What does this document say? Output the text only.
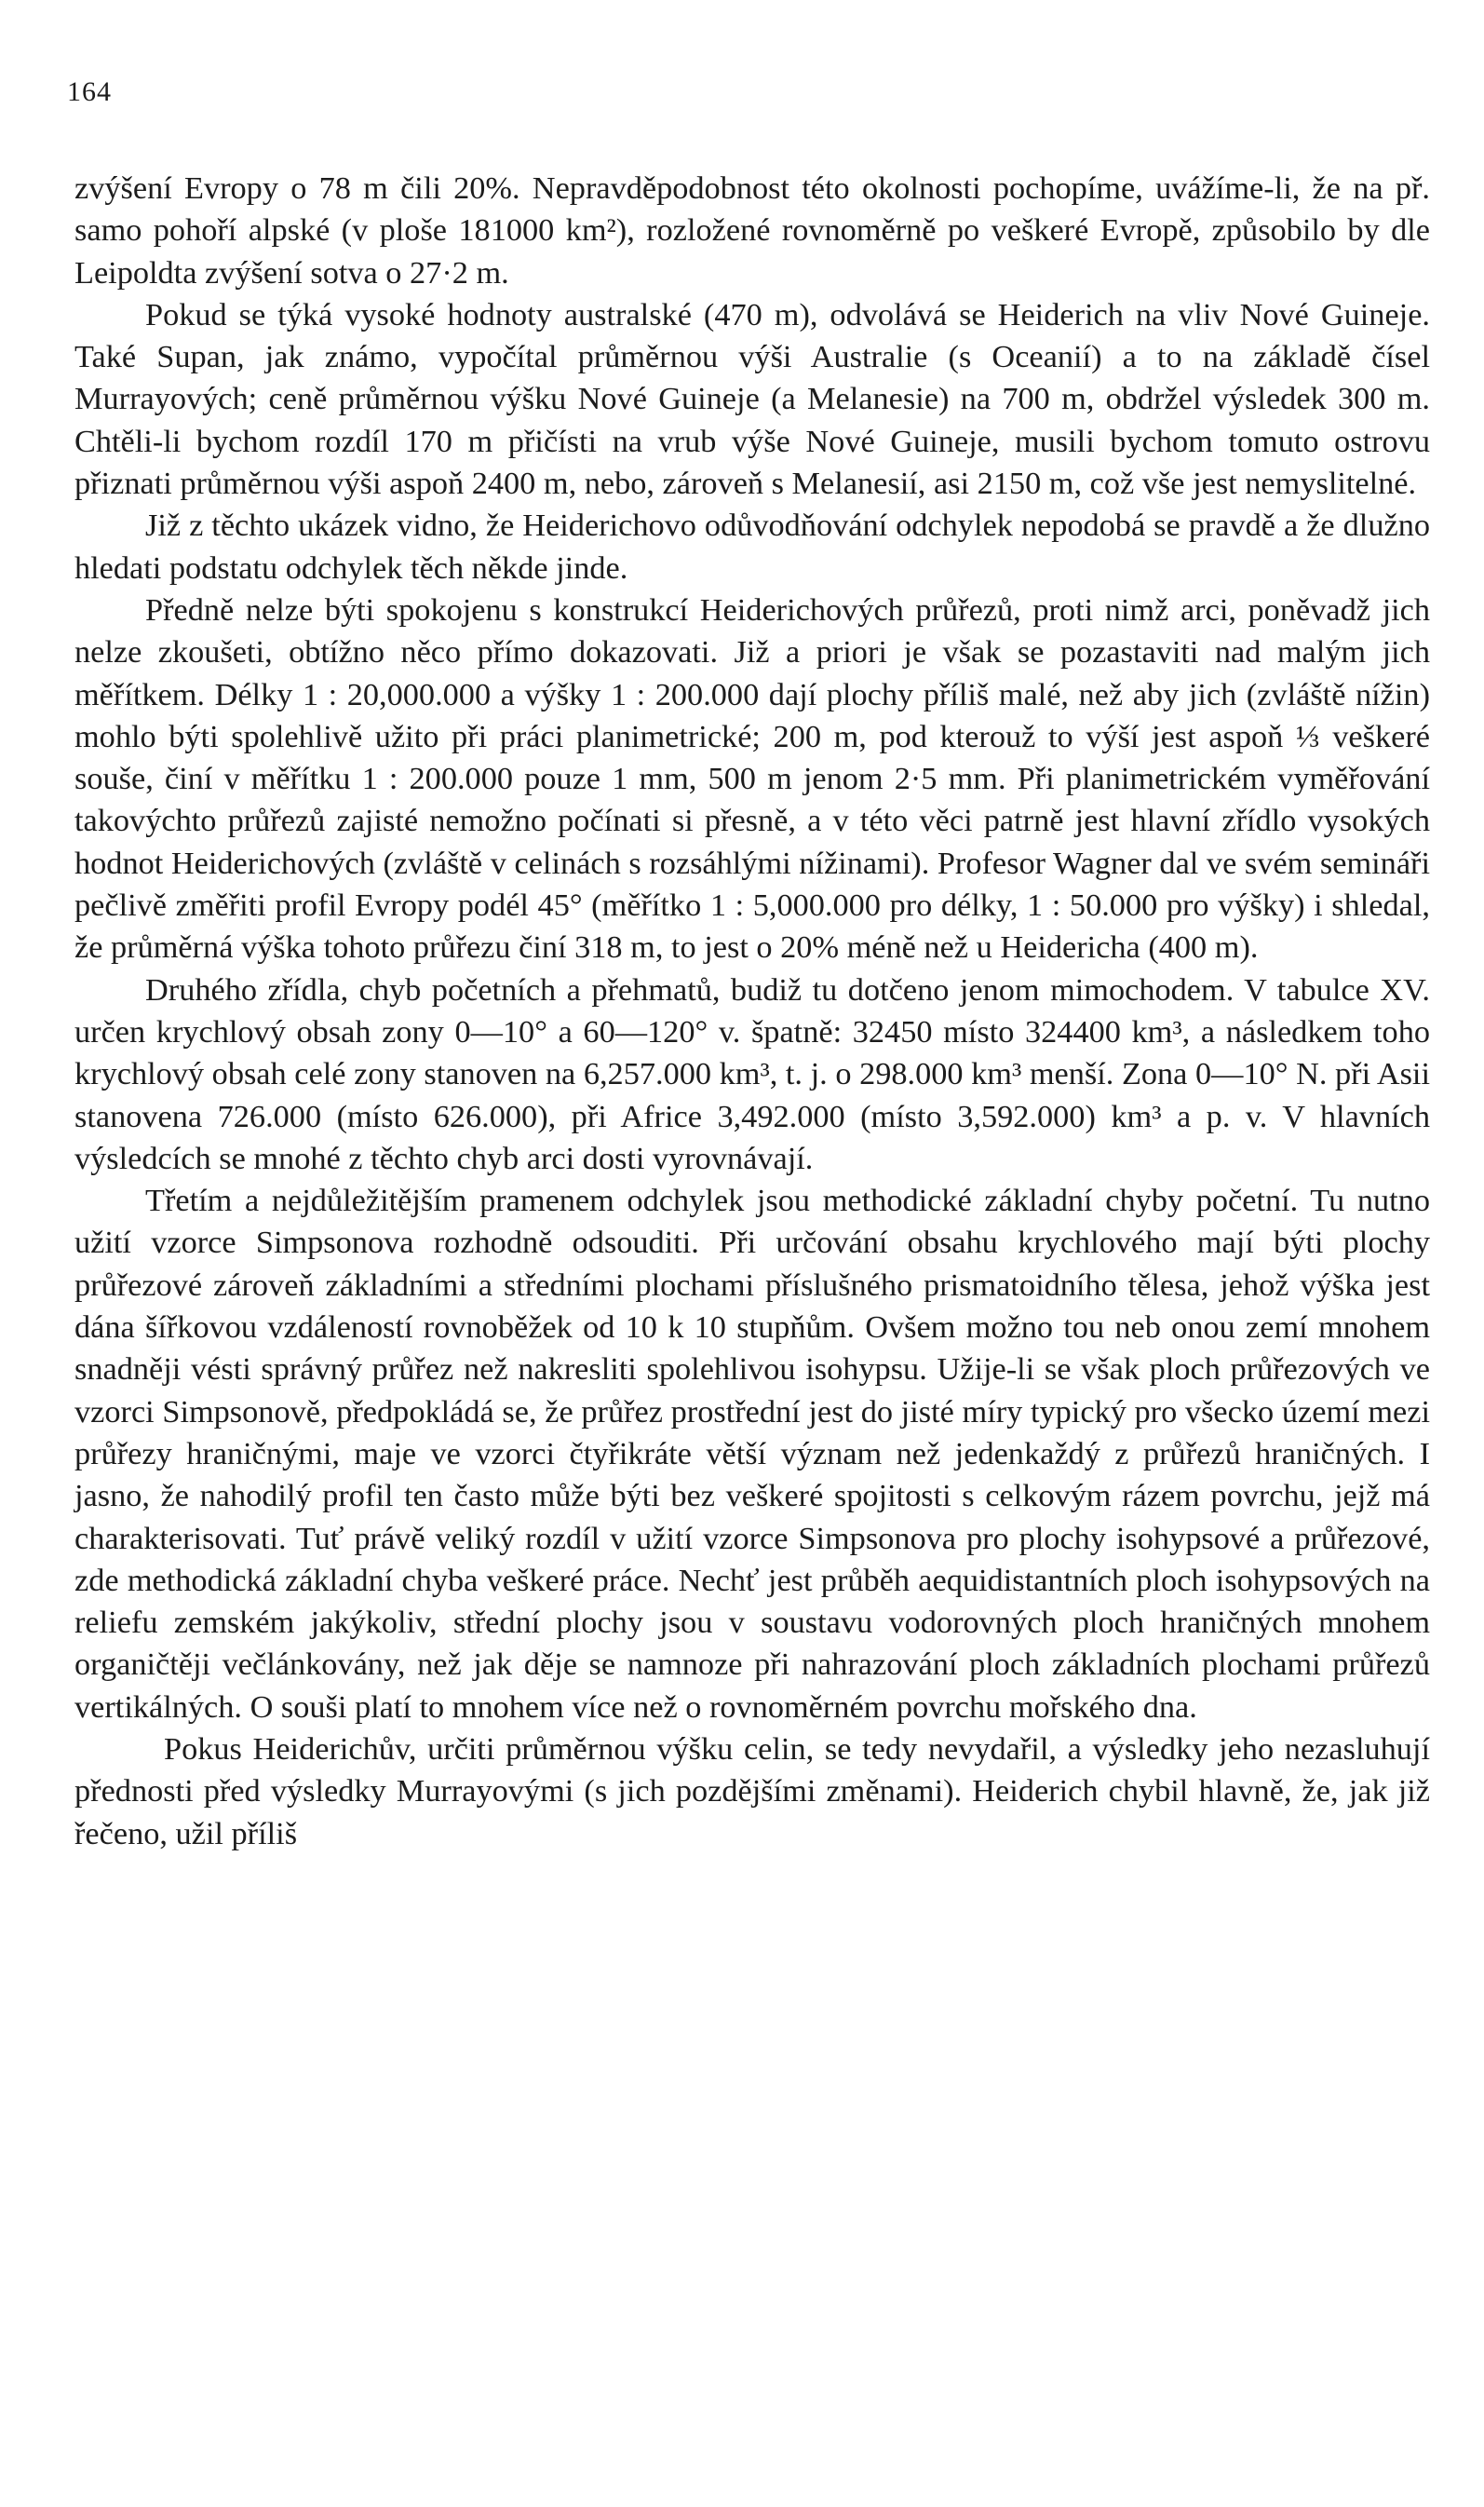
164

zvýšení Evropy o 78 m čili 20%. Nepravděpodobnost této okolnosti pochopíme, uvážíme-li, že na př. samo pohoří alpské (v ploše 181000 km²), rozložené rovnoměrně po veškeré Evropě, způsobilo by dle Leipoldta zvýšení sotva o 27·2 m.

Pokud se týká vysoké hodnoty australské (470 m), odvolává se Heiderich na vliv Nové Guineje. Také Supan, jak známo, vypočítal průměrnou výši Australie (s Oceanií) a to na základě čísel Murrayových; ceně průměrnou výšku Nové Guineje (a Melanesie) na 700 m, obdržel výsledek 300 m. Chtěli-li bychom rozdíl 170 m přičísti na vrub výše Nové Guineje, musili bychom tomuto ostrovu přiznati průměrnou výši aspoň 2400 m, nebo, zároveň s Melanesií, asi 2150 m, což vše jest nemyslitelné.

Již z těchto ukázek vidno, že Heiderichovo odůvodňování odchylek nepodobá se pravdě a že dlužno hledati podstatu odchylek těch někde jinde.

Předně nelze býti spokojenu s konstrukcí Heiderichových průřezů, proti nimž arci, poněvadž jich nelze zkoušeti, obtížno něco přímo dokazovati. Již a priori je však se pozastaviti nad malým jich měřítkem. Délky 1 : 20,000.000 a výšky 1 : 200.000 dají plochy příliš malé, než aby jich (zvláště nížin) mohlo býti spolehlivě užito při práci planimetrické; 200 m, pod kterouž to výší jest aspoň ⅓ veškeré souše, činí v měřítku 1 : 200.000 pouze 1 mm, 500 m jenom 2·5 mm. Při planimetrickém vyměřování takovýchto průřezů zajisté nemožno počínati si přesně, a v této věci patrně jest hlavní zřídlo vysokých hodnot Heiderichových (zvláště v celinách s rozsáhlými nížinami). Profesor Wagner dal ve svém semináři pečlivě změřiti profil Evropy podél 45° (měřítko 1 : 5,000.000 pro délky, 1 : 50.000 pro výšky) i shledal, že průměrná výška tohoto průřezu činí 318 m, to jest o 20% méně než u Heidericha (400 m).

Druhého zřídla, chyb početních a přehmatů, budiž tu dotčeno jenom mimochodem. V tabulce XV. určen krychlový obsah zony 0—10° a 60—120° v. špatně: 32450 místo 324400 km³, a následkem toho krychlový obsah celé zony stanoven na 6,257.000 km³, t. j. o 298.000 km³ menší. Zona 0—10° N. při Asii stanovena 726.000 (místo 626.000), při Africe 3,492.000 (místo 3,592.000) km³ a p. v. V hlavních výsledcích se mnohé z těchto chyb arci dosti vyrovnávají.

Třetím a nejdůležitějším pramenem odchylek jsou methodické základní chyby početní. Tu nutno užití vzorce Simpsonova rozhodně odsouditi. Při určování obsahu krychlového mají býti plochy průřezové zároveň základními a středními plochami příslušného prismatoidního tělesa, jehož výška jest dána šířkovou vzdáleností rovnoběžek od 10 k 10 stupňům. Ovšem možno tou neb onou zemí mnohem snadněji vésti správný průřez než nakresliti spolehlivou isohypsu. Užije-li se však ploch průřezových ve vzorci Simpsonově, předpokládá se, že průřez prostřední jest do jisté míry typický pro všecko území mezi průřezy hraničnými, maje ve vzorci čtyřikráte větší význam než jedenkaždý z průřezů hraničných. I jasno, že nahodilý profil ten často může býti bez veškeré spojitosti s celkovým rázem povrchu, jejž má charakterisovati. Tuť právě veliký rozdíl v užití vzorce Simpsonova pro plochy isohypsové a průřezové, zde methodická základní chyba veškeré práce. Nechť jest průběh aequidistantních ploch isohypsových na reliefu zemském jakýkoliv, střední plochy jsou v soustavu vodorovných ploch hraničných mnohem organičtěji večlánkovány, než jak děje se namnoze při nahrazování ploch základních plochami průřezů vertikálných. O souši platí to mnohem více než o rovnoměrném povrchu mořského dna.

Pokus Heiderichův, určiti průměrnou výšku celin, se tedy nevydařil, a výsledky jeho nezasluhují přednosti před výsledky Murrayovými (s jich pozdějšími změnami). Heiderich chybil hlavně, že, jak již řečeno, užil příliš
